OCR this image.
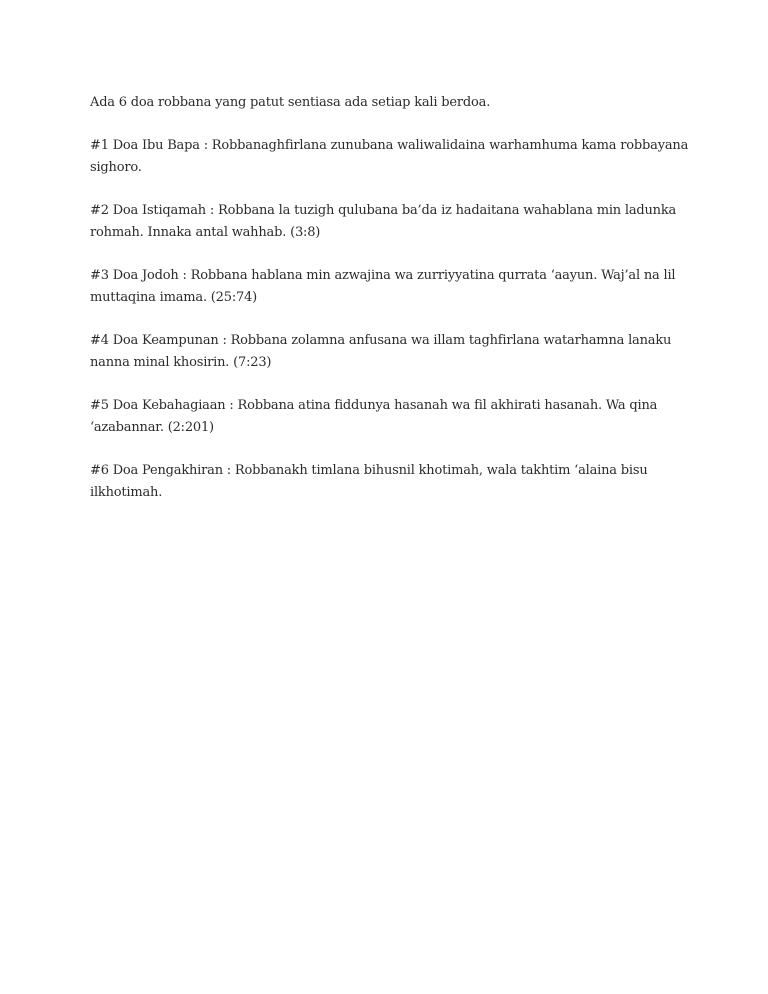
Ada 6 doa robbana yang patut sentiasa ada setiap kali berdoa.

#1 Doa Ibu Bapa : Robbanaghfirlana zunubana waliwalidaina warhamhuma kama robbayana sighoro.

#2 Doa Istiqamah : Robbana la tuzigh qulubana ba’da iz hadaitana wahablana min ladunka rohmah. Innaka antal wahhab. (3:8)

#3 Doa Jodoh : Robbana hablana min azwajina wa zurriyyatina qurrata ‘aayun. Waj’al na lil muttaqina imama. (25:74)

#4 Doa Keampunan : Robbana zolamna anfusana wa illam taghfirlana watarhamna lanaku nanna minal khosirin. (7:23)

#5 Doa Kebahagiaan : Robbana atina fiddunya hasanah wa fil akhirati hasanah. Wa qina ‘azabannar. (2:201)

#6 Doa Pengakhiran : Robbanakh timlana bihusnil khotimah, wala takhtim ‘alaina bisu ilkhotimah.
